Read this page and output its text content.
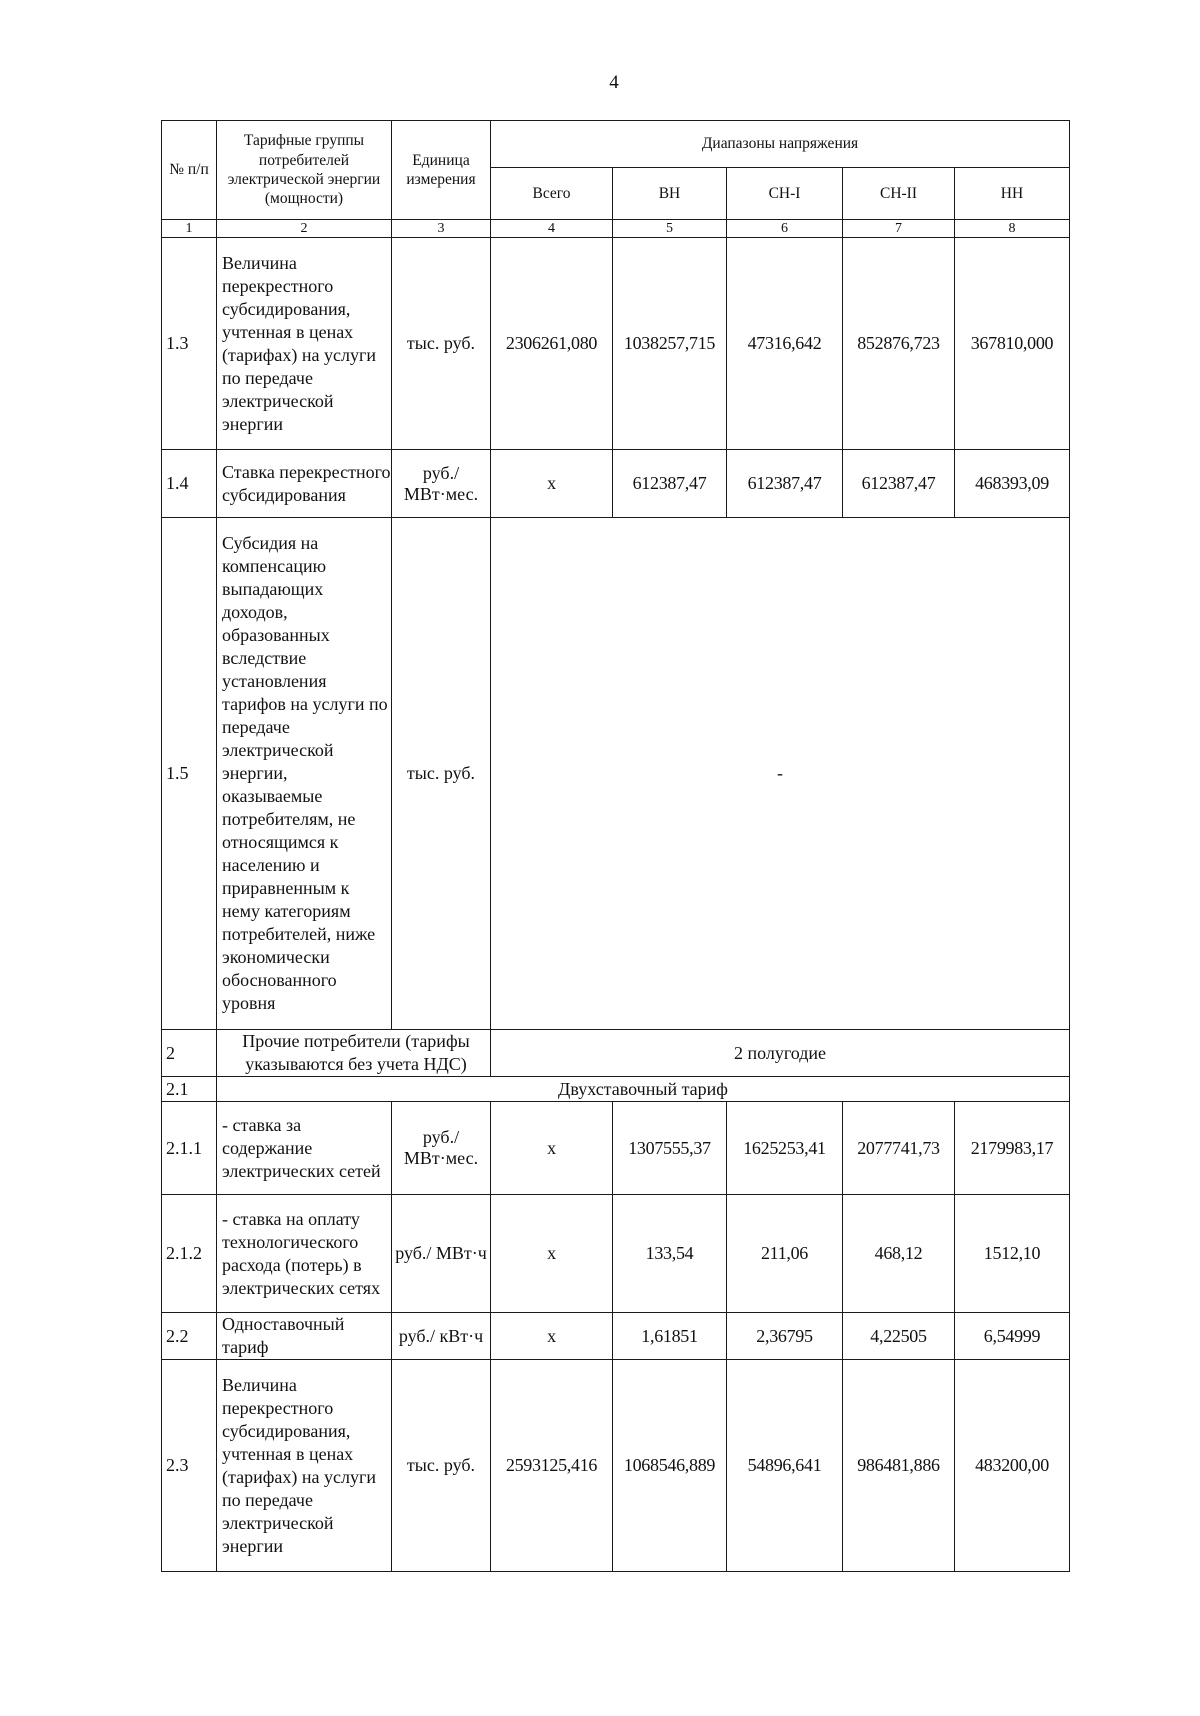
4
№ п/п	Тарифные группы потребителей электрической энергии (мощности)	Единица измерения	Диапазоны напряжения				
			Всего	ВН	СН-I	СН-II	НН
1	2	3	4	5	6	7	8
1.3	Величина перекрестного субсидирования, учтенная в ценах (тарифах) на услуги по передаче электрической энергии	тыс. руб.	2306261,080	1038257,715	47316,642	852876,723	367810,000
1.4	Ставка перекрестного субсидирования	руб./ МВт·мес.	х	612387,47	612387,47	612387,47	468393,09
1.5	Субсидия на компенсацию выпадающих доходов, образованных вследствие установления тарифов на услуги по передаче электрической энергии, оказываемые потребителям, не относящимся к населению и приравненным к нему категориям потребителей, ниже экономически обоснованного уровня	тыс. руб.	-				
2	Прочие потребители (тарифы указываются без учета НДС)		2 полугодие				
2.1	Двухставочный тариф						
2.1.1	- ставка за содержание электрических сетей	руб./ МВт·мес.	х	1307555,37	1625253,41	2077741,73	2179983,17
2.1.2	- ставка на оплату технологического расхода (потерь) в электрических сетях	руб./ МВт·ч	х	133,54	211,06	468,12	1512,10
2.2	Одноставочный тариф	руб./ кВт·ч	х	1,61851	2,36795	4,22505	6,54999
2.3	Величина перекрестного субсидирования, учтенная в ценах (тарифах) на услуги по передаче электрической энергии	тыс. руб.	2593125,416	1068546,889	54896,641	986481,886	483200,00
